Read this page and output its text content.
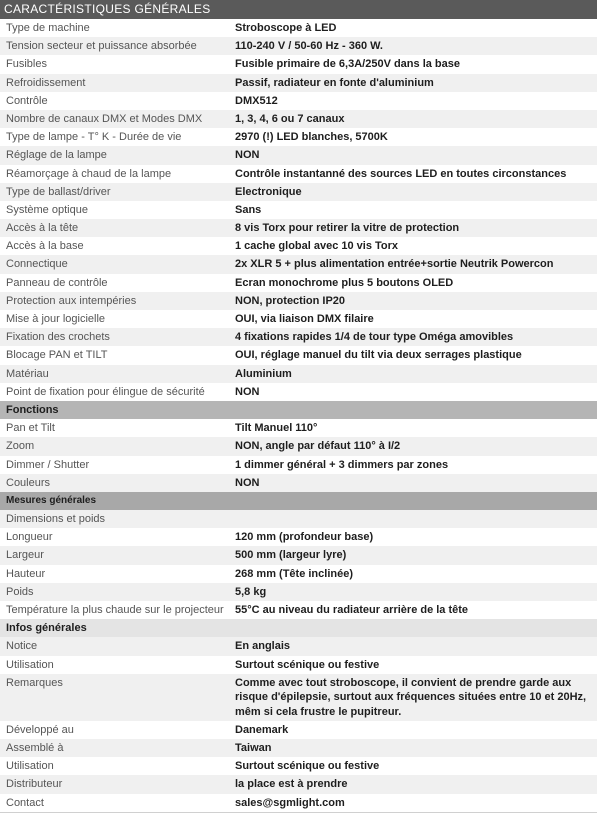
CARACTÉRISTIQUES GÉNÉRALES
Type de machine	Stroboscope à LED
Tension secteur et puissance absorbée	110-240 V / 50-60 Hz - 360 W.
Fusibles	Fusible primaire de 6,3A/250V dans la base
Refroidissement	Passif, radiateur en fonte d'aluminium
Contrôle	DMX512
Nombre de canaux DMX et Modes DMX	1, 3, 4, 6 ou 7 canaux
Type de lampe - T° K - Durée de vie	2970 (!) LED blanches, 5700K
Réglage de la lampe	NON
Réamorçage à chaud de la lampe	Contrôle instantanné des sources LED en toutes circonstances
Type de ballast/driver	Electronique
Système optique	Sans
Accès à la tête	8 vis Torx pour retirer la vitre de protection
Accès à la base	1 cache global avec 10 vis Torx
Connectique	2x XLR 5 + plus alimentation entrée+sortie Neutrik Powercon
Panneau de contrôle	Ecran monochrome plus 5 boutons OLED
Protection aux intempéries	NON, protection IP20
Mise à jour logicielle	OUI, via liaison DMX filaire
Fixation des crochets	4 fixations rapides 1/4 de tour type Oméga amovibles
Blocage PAN et TILT	OUI, réglage manuel du tilt via deux serrages plastique
Matériau	Aluminium
Point de fixation pour élingue de sécurité	NON
Fonctions
Pan et Tilt	Tilt Manuel 110°
Zoom	NON, angle par défaut 110° à I/2
Dimmer / Shutter	1 dimmer général + 3 dimmers par zones
Couleurs	NON
Mesures générales
Dimensions et poids
Longueur	120 mm (profondeur base)
Largeur	500 mm (largeur lyre)
Hauteur	268 mm (Tête inclinée)
Poids	5,8 kg
Température la plus chaude sur le projecteur	55°C au niveau du radiateur arrière de la tête
Infos générales
Notice	En anglais
Utilisation	Surtout scénique ou festive
Remarques	Comme avec tout stroboscope, il convient de prendre garde aux risque d'épilepsie, surtout aux fréquences situées entre 10 et 20Hz, mêm si cela frustre le pupitreur.
Développé au	Danemark
Assemblé à	Taiwan
Utilisation	Surtout scénique ou festive
Distributeur	la place est à prendre
Contact	sales@sgmlight.com
